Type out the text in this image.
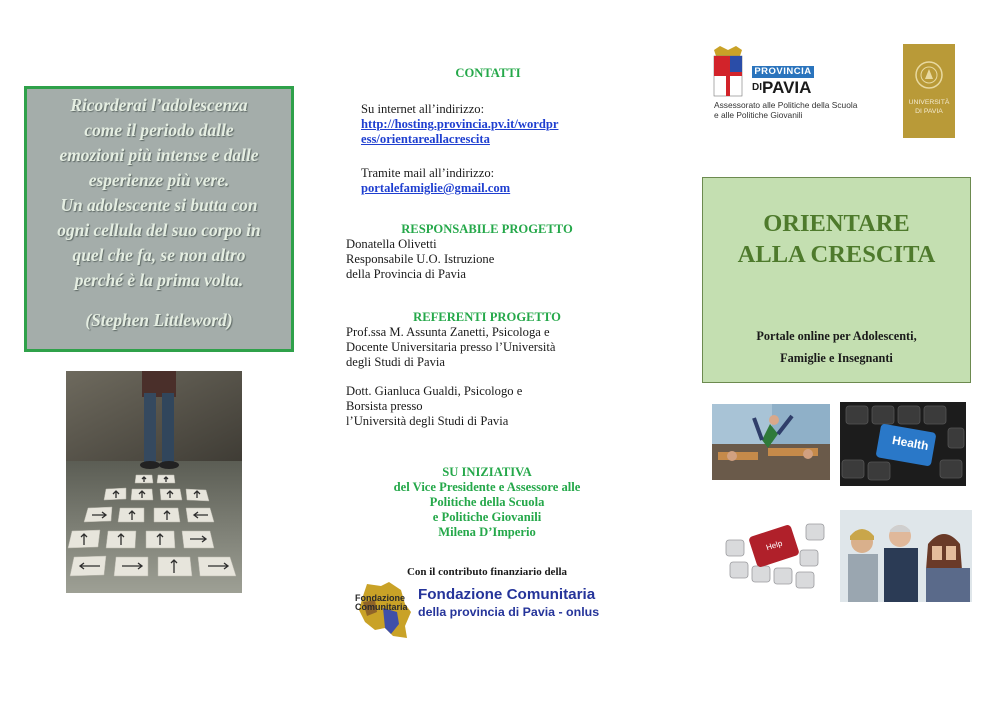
Ricorderai l’adolescenza
come il periodo dalle
emozioni più intense e dalle
esperienze più vere.
Un adolescente si butta con
ogni cellula del suo corpo in
quel che fa, se non altro
perché è la prima volta.
(Stephen Littleword)
CONTATTI
Su internet all’indirizzo:
http://hosting.provincia.pv.it/wordpr
ess/orientareallacrescita
Tramite mail all’indirizzo:
portalefamiglie@gmail.com
RESPONSABILE PROGETTO
Donatella Olivetti
Responsabile U.O. Istruzione
della Provincia di Pavia
REFERENTI PROGETTO
Prof.ssa M. Assunta Zanetti, Psicologa e
Docente Universitaria presso l’Università
degli Studi di Pavia
Dott. Gianluca Gualdi, Psicologo e
Borsista presso
l’Università degli Studi di Pavia
SU INIZIATIVA
del Vice Presidente e Assessore alle
Politiche della Scuola
e Politiche Giovanili
Milena D’Imperio
Con il contributo finanziario della
Fondazione Comunitaria
Fondazione Comunitaria
della provincia di Pavia - onlus
PROVINCIA
$^{DI}$PAVIA
Assessorato alle Politiche della Scuola
e alle Politiche Giovanili
UNIVERSITÀ
DI PAVIA
ORIENTARE
ALLA CRESCITA
Portale online per Adolescenti,
Famiglie e Insegnanti
Health
Help
